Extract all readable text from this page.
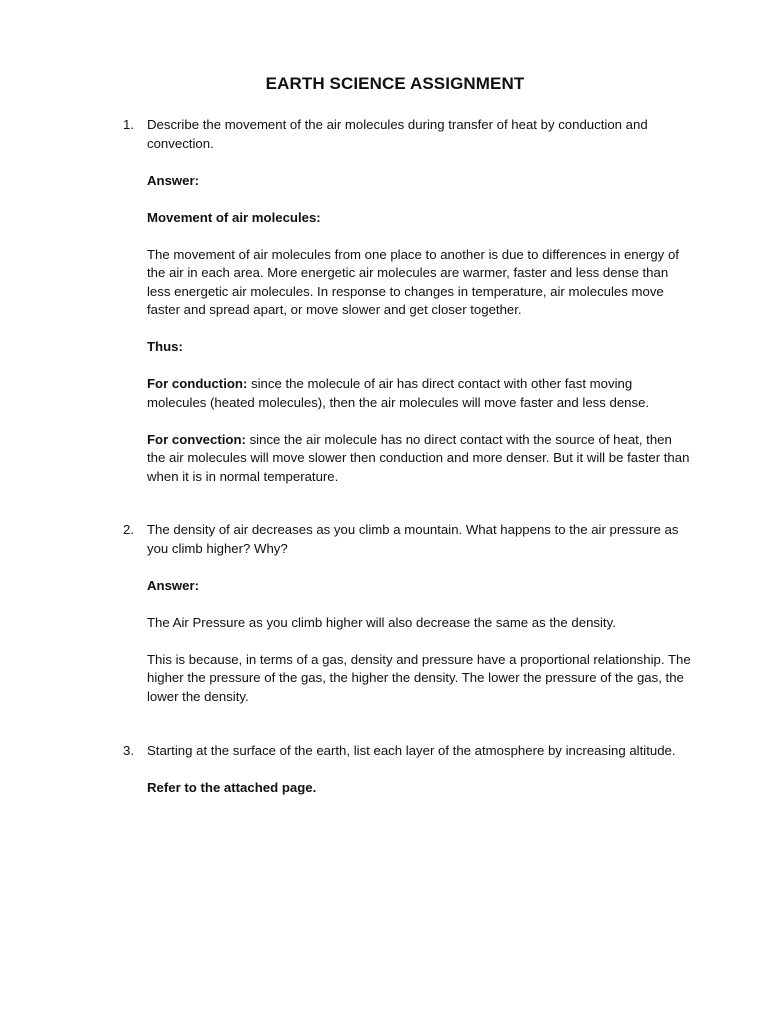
EARTH SCIENCE ASSIGNMENT
1. Describe the movement of the air molecules during transfer of heat by conduction and convection.

Answer:

Movement of air molecules:

The movement of air molecules from one place to another is due to differences in energy of the air in each area. More energetic air molecules are warmer, faster and less dense than less energetic air molecules. In response to changes in temperature, air molecules move faster and spread apart, or move slower and get closer together.

Thus:

For conduction: since the molecule of air has direct contact with other fast moving molecules (heated molecules), then the air molecules will move faster and less dense.

For convection: since the air molecule has no direct contact with the source of heat, then the air molecules will move slower then conduction and more denser. But it will be faster than when it is in normal temperature.

2. The density of air decreases as you climb a mountain. What happens to the air pressure as you climb higher? Why?

Answer:

The Air Pressure as you climb higher will also decrease the same as the density.

This is because, in terms of a gas, density and pressure have a proportional relationship. The higher the pressure of the gas, the higher the density. The lower the pressure of the gas, the lower the density.

3. Starting at the surface of the earth, list each layer of the atmosphere by increasing altitude.

Refer to the attached page.
